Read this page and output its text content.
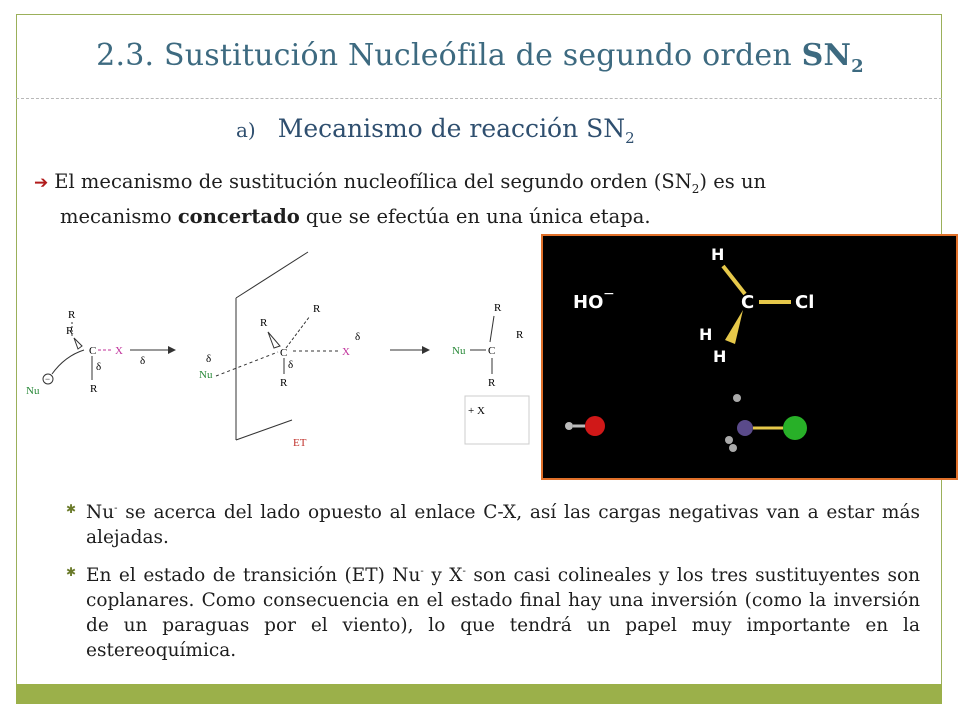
2.3. Sustitución Nucleófila de segundo orden $SN_2$
a) Mecanismo de reacción $SN_2$
➔ El mecanismo de sustitución nucleofílica del segundo orden $(SN_2)$ es un
mecanismo concertado que se efectúa en una única etapa.
R
R
C X
δ
δ
R
−
Nu
R
R
C	X
δ
δ	δ
Nu
R
ET
R
R
Nu C
R
+ X
HO −
H
C Cl
H
H
✱ Nu- se acerca del lado opuesto al enlace C-X, así las cargas negativas van a estar más alejadas.
✱ En el estado de transición (ET) Nu- y X- son casi colineales y los tres sustituyentes son coplanares. Como consecuencia en el estado final hay una inversión (como la inversión de un paraguas por el viento), lo que tendrá un papel muy importante en la estereoquímica.
